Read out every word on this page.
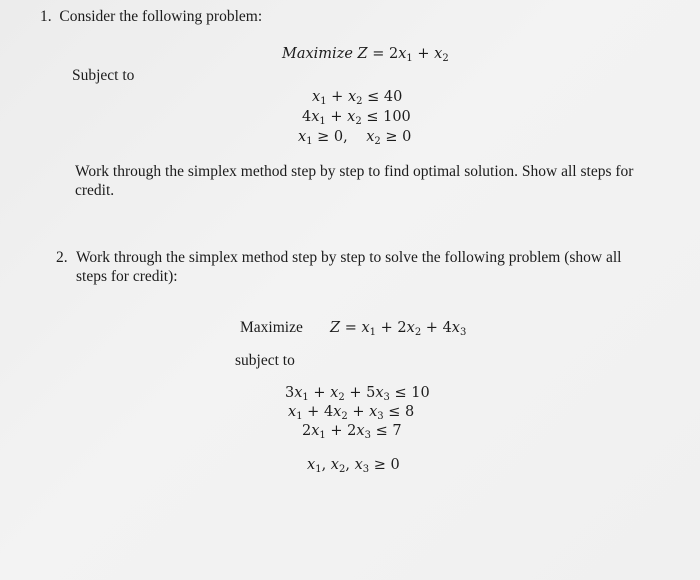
1. Consider the following problem:
Maximize $Z = 2x_1 + x_2$
Subject to
$x_1 + x_2 \le 40$
$4x_1 + x_2 \le 100$
$x_1 \ge 0$, $x_2 \ge 0$
Work through the simplex method step by step to find optimal solution. Show all steps for
credit.
2. Work through the simplex method step by step to solve the following problem (show all
steps for credit):
Maximize $Z = x_1 + 2x_2 + 4x_3$
subject to
$3x_1 + x_2 + 5x_3 \le 10$
$x_1 + 4x_2 + x_3 \le 8$
$2x_1 + 2x_3 \le 7$
$x_1$, $x_2$, $x_3 \ge 0$
